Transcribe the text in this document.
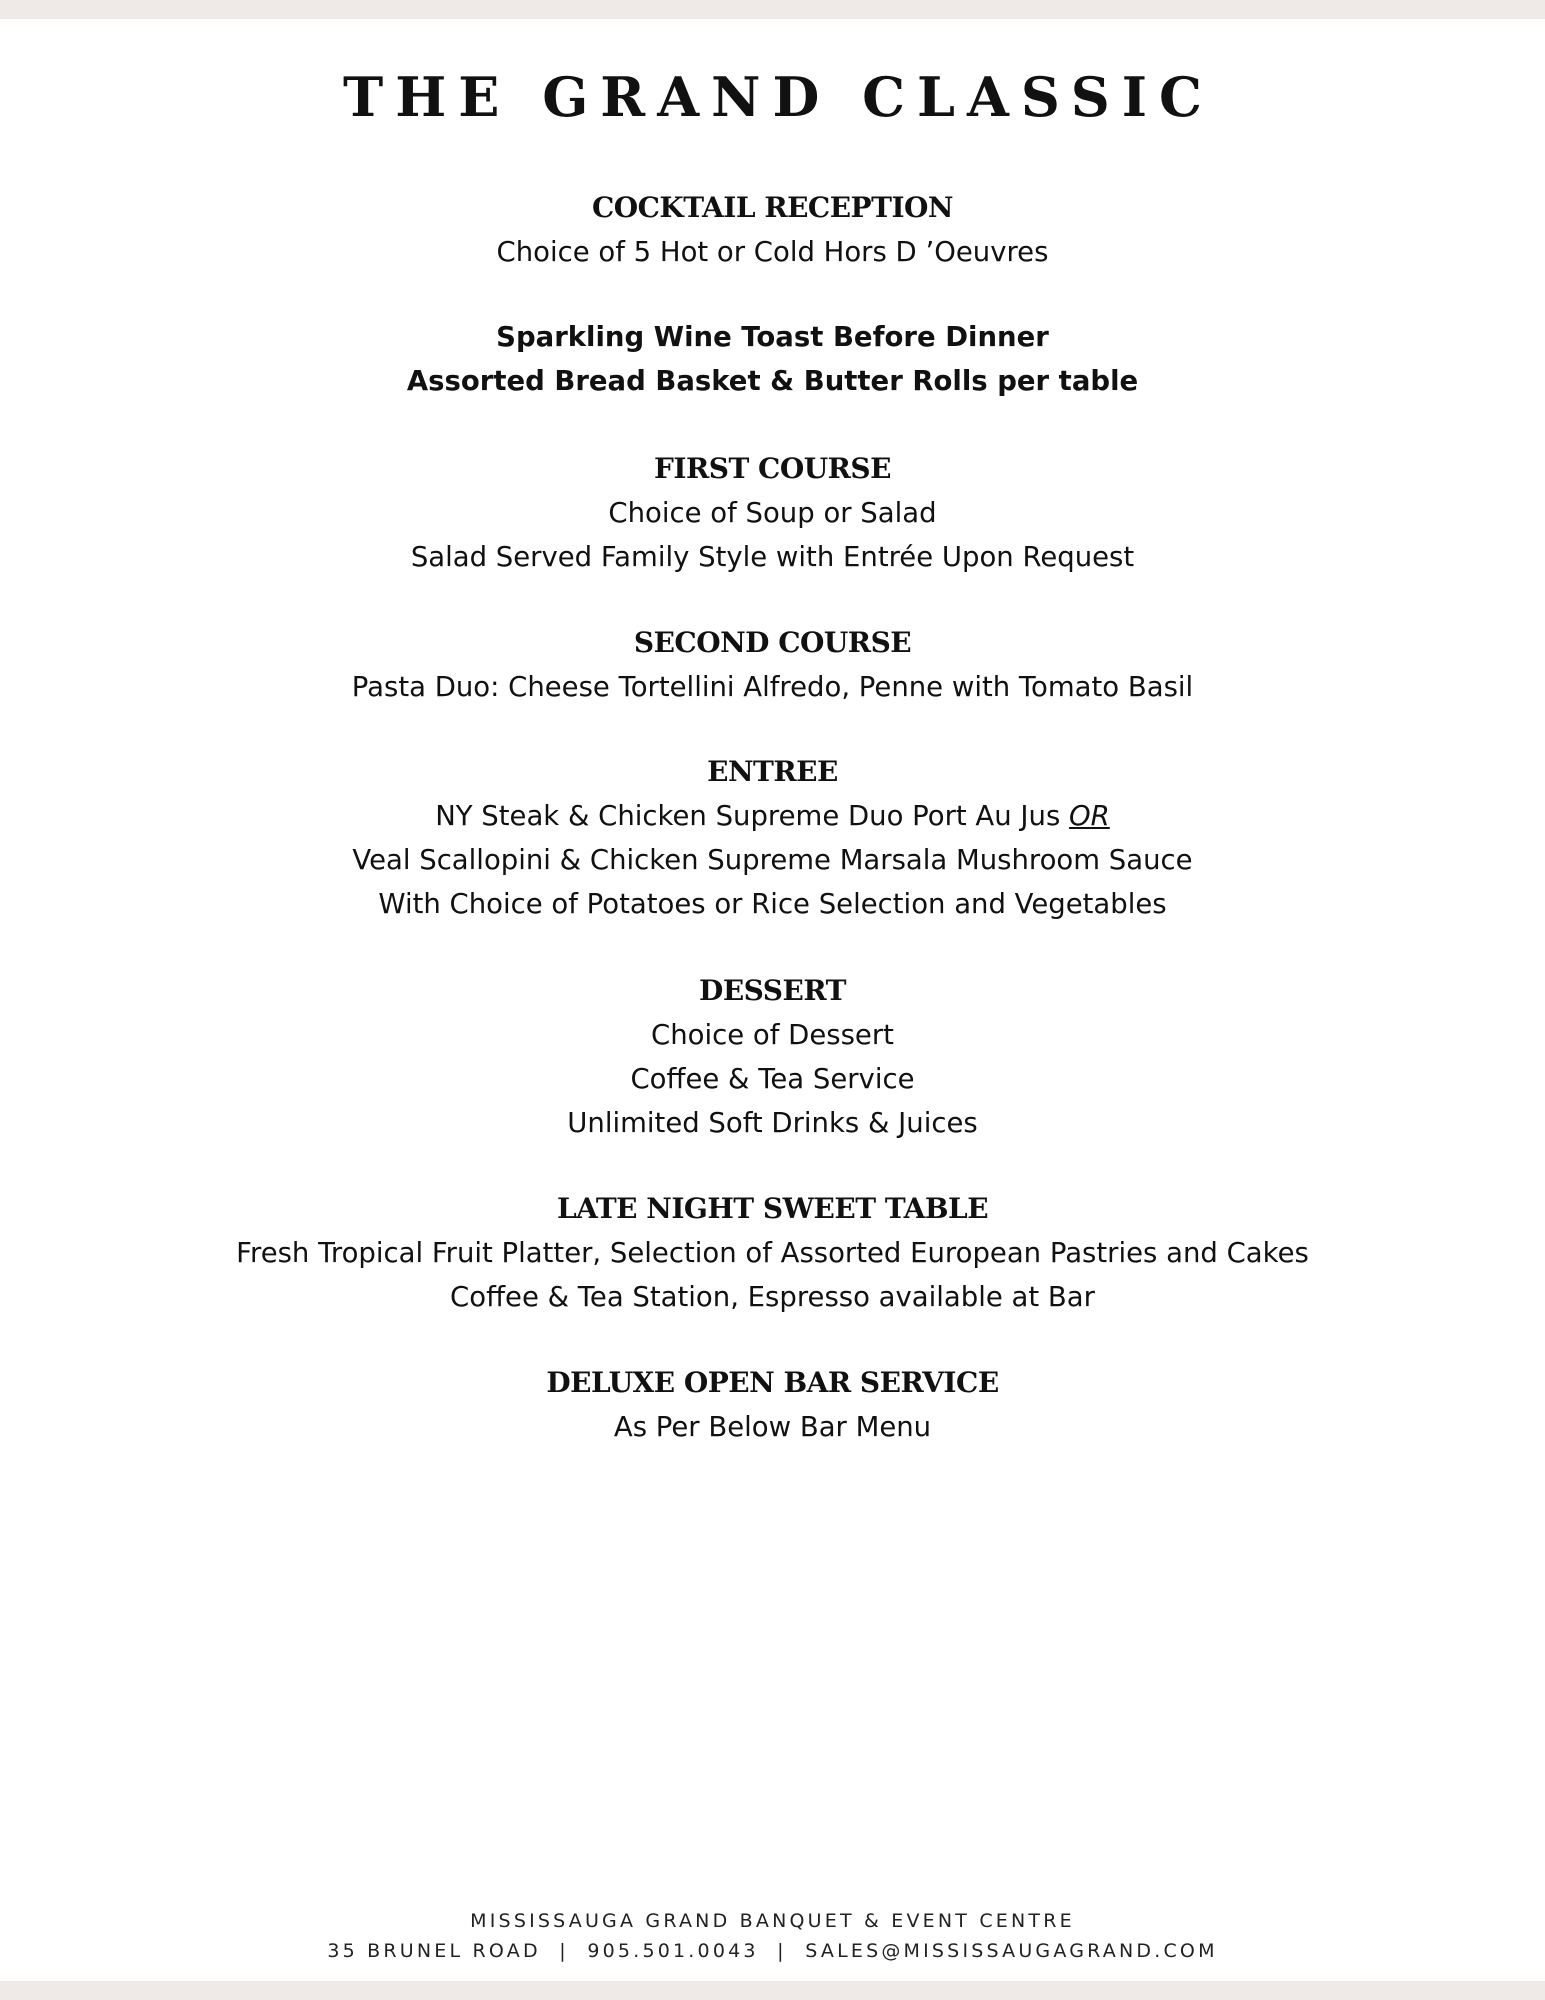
THE GRAND CLASSIC
COCKTAIL RECEPTION
Choice of 5 Hot or Cold Hors D ’Oeuvres
Sparkling Wine Toast Before Dinner
Assorted Bread Basket & Butter Rolls per table
FIRST COURSE
Choice of Soup or Salad
Salad Served Family Style with Entrée Upon Request
SECOND COURSE
Pasta Duo: Cheese Tortellini Alfredo, Penne with Tomato Basil
ENTREE
NY Steak & Chicken Supreme Duo Port Au Jus OR
Veal Scallopini & Chicken Supreme Marsala Mushroom Sauce
With Choice of Potatoes or Rice Selection and Vegetables
DESSERT
Choice of Dessert
Coffee & Tea Service
Unlimited Soft Drinks & Juices
LATE NIGHT SWEET TABLE
Fresh Tropical Fruit Platter, Selection of Assorted European Pastries and Cakes
Coffee & Tea Station, Espresso available at Bar
DELUXE OPEN BAR SERVICE
As Per Below Bar Menu
MISSISSAUGA GRAND BANQUET & EVENT CENTRE
35 BRUNEL ROAD  |  905.501.0043  |  SALES@MISSISSAUGAGRAND.COM
